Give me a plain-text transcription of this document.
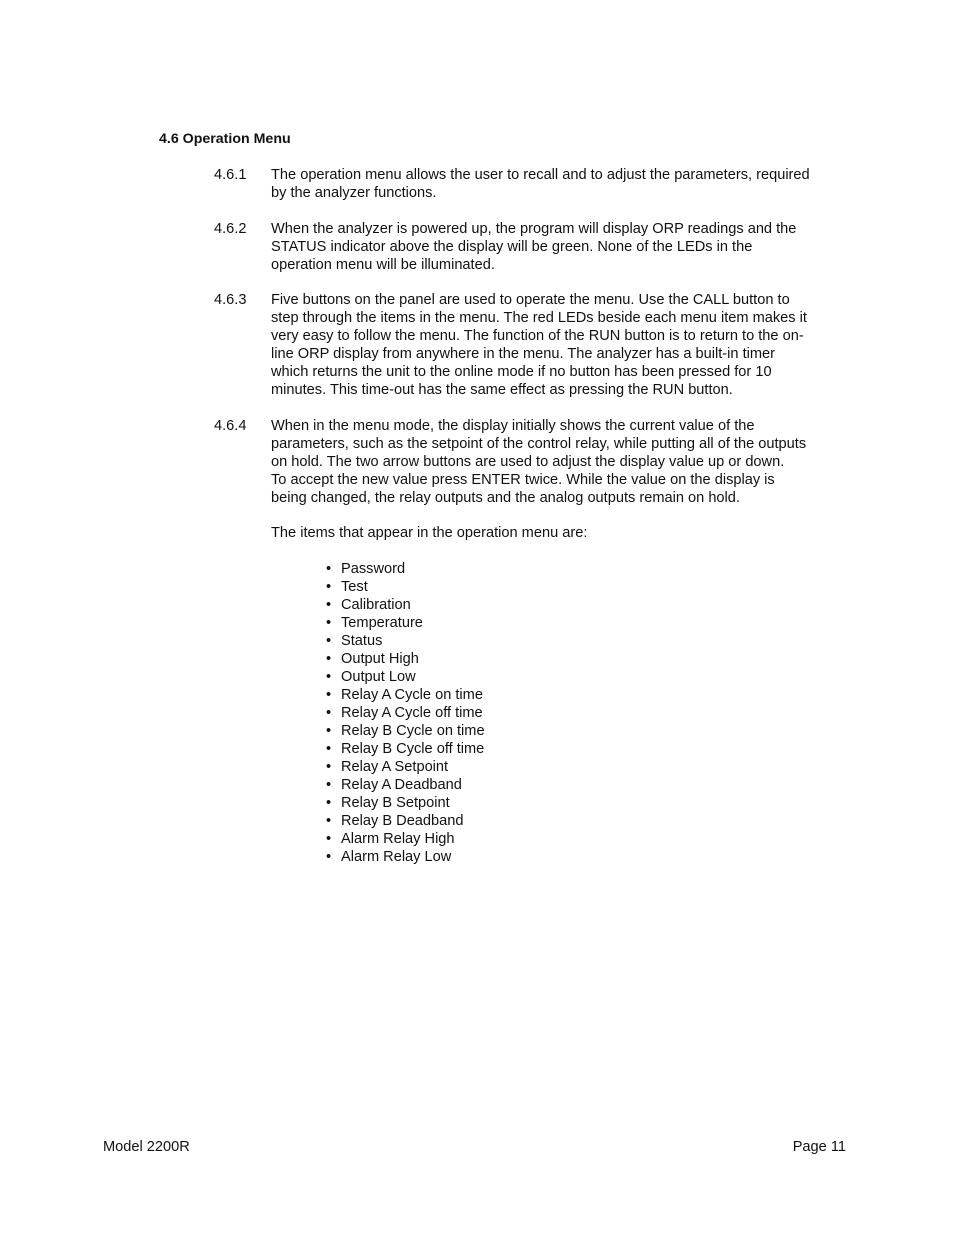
4.6 Operation Menu
4.6.1 The operation menu allows the user to recall and to adjust the parameters, required
by the analyzer functions.
4.6.2 When the analyzer is powered up, the program will display ORP readings and the
STATUS indicator above the display will be green. None of the LEDs in the
operation menu will be illuminated.
4.6.3 Five buttons on the panel are used to operate the menu. Use the CALL button to
step through the items in the menu. The red LEDs beside each menu item makes it
very easy to follow the menu. The function of the RUN button is to return to the on-
line ORP display from anywhere in the menu. The analyzer has a built-in timer
which returns the unit to the online mode if no button has been pressed for 10
minutes. This time-out has the same effect as pressing the RUN button.
4.6.4 When in the menu mode, the display initially shows the current value of the
parameters, such as the setpoint of the control relay, while putting all of the outputs
on hold. The two arrow buttons are used to adjust the display value up or down.
To accept the new value press ENTER twice. While the value on the display is
being changed, the relay outputs and the analog outputs remain on hold.
The items that appear in the operation menu are:
• Password
• Test
• Calibration
• Temperature
• Status
• Output High
• Output Low
• Relay A Cycle on time
• Relay A Cycle off time
• Relay B Cycle on time
• Relay B Cycle off time
• Relay A Setpoint
• Relay A Deadband
• Relay B Setpoint
• Relay B Deadband
• Alarm Relay High
• Alarm Relay Low
Model 2200R	Page 11
